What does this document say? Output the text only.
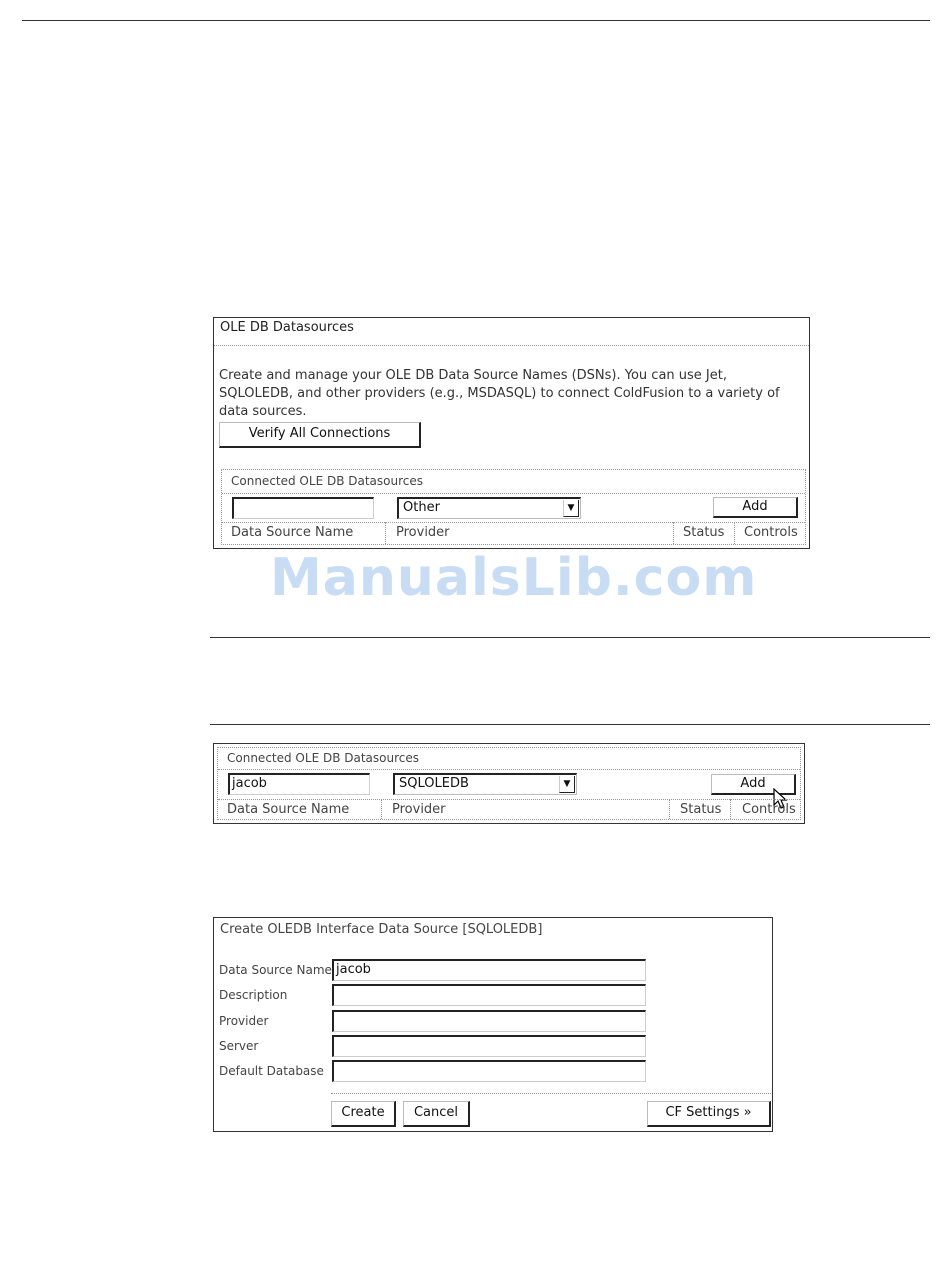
OLE DB Datasources
Create and manage your OLE DB Data Source Names (DSNs). You can use Jet, SQLOLEDB, and other providers (e.g., MSDASQL) to connect ColdFusion to a variety of data sources.
Verify All Connections
Connected OLE DB Datasources
Other	▼	Add
Data Source Name	Provider	Status Controls
ManualsLib.com
Connected OLE DB Datasources
jacob	SQLOLEDB	▼	Add
Data Source Name	Provider	Status Controls
Create OLEDB Interface Data Source [SQLOLEDB]
Data Source Name jacob
Description
Provider
Server
Default Database
Create	Cancel	CF Settings »
